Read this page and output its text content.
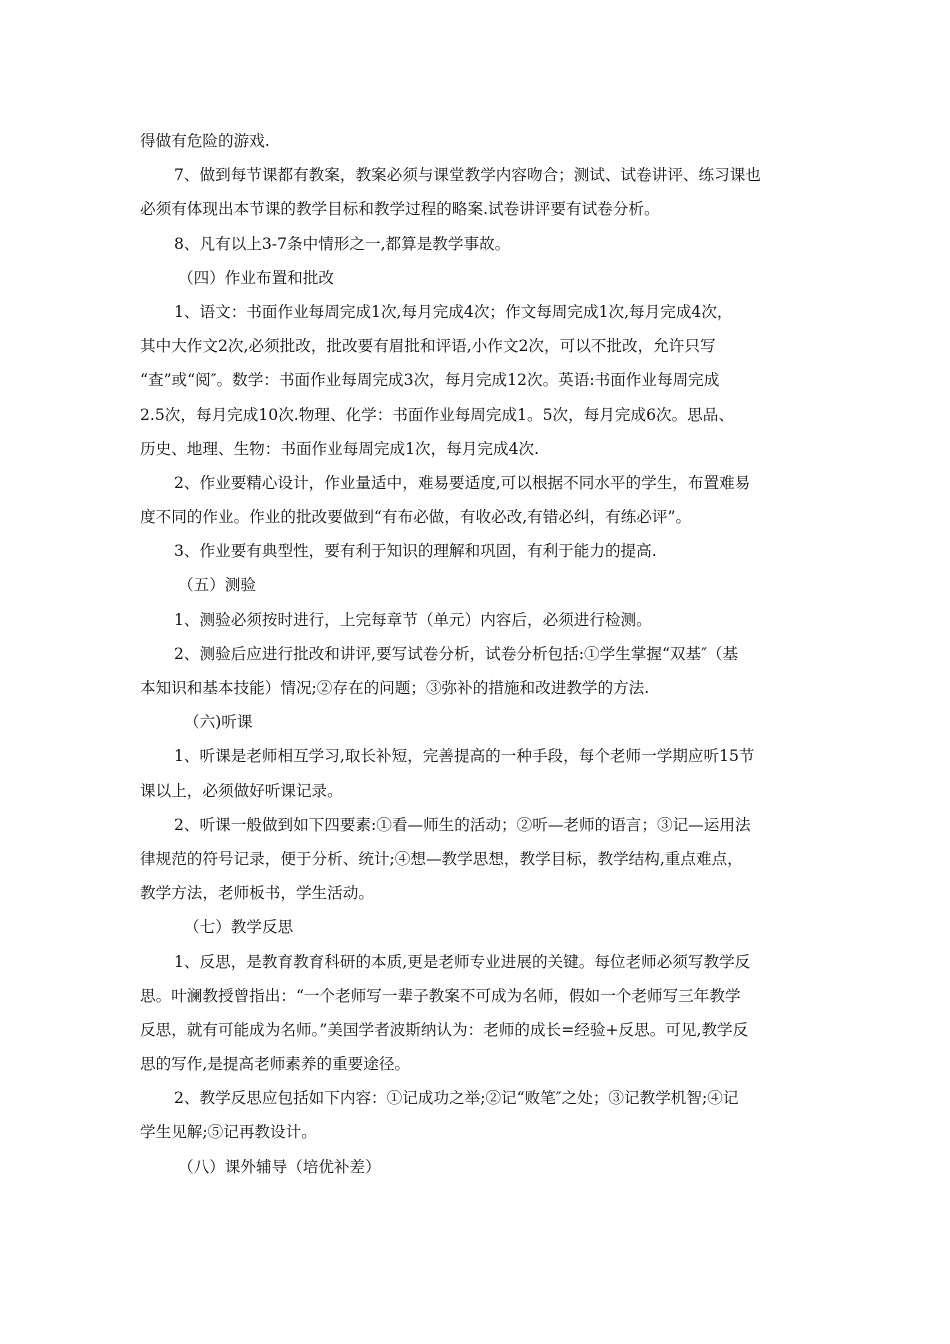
得做有危险的游戏.
7、做到每节课都有教案，教案必须与课堂教学内容吻合；测试、试卷讲评、练习课也
必须有体现出本节课的教学目标和教学过程的略案.试卷讲评要有试卷分析。
8、凡有以上3-7条中情形之一,都算是教学事故。
（四）作业布置和批改
1、语文：书面作业每周完成1次,每月完成4次；作文每周完成1次,每月完成4次，
其中大作文2次,必须批改，批改要有眉批和评语,小作文2次，可以不批改，允许只写
“查”或“阅″。数学：书面作业每周完成3次，每月完成12次。英语:书面作业每周完成
2.5次，每月完成10次.物理、化学：书面作业每周完成1。5次，每月完成6次。思品、
历史、地理、生物：书面作业每周完成1次，每月完成4次.
2、作业要精心设计，作业量适中，难易要适度,可以根据不同水平的学生，布置难易
度不同的作业。作业的批改要做到“有布必做，有收必改,有错必纠，有练必评”。
3、作业要有典型性，要有利于知识的理解和巩固，有利于能力的提高.
（五）测验
1、测验必须按时进行，上完每章节（单元）内容后，必须进行检测。
2、测验后应进行批改和讲评,要写试卷分析，试卷分析包括:①学生掌握“双基″（基
本知识和基本技能）情况;②存在的问题；③弥补的措施和改进教学的方法.
（六)听课
1、听课是老师相互学习,取长补短，完善提高的一种手段，每个老师一学期应听15节
课以上，必须做好听课记录。
2、听课一般做到如下四要素:①看—师生的活动；②听—老师的语言；③记—运用法
律规范的符号记录，便于分析、统计;④想—教学思想，教学目标，教学结构,重点难点，
教学方法，老师板书，学生活动。
（七）教学反思
1、反思，是教育教育科研的本质,更是老师专业进展的关键。每位老师必须写教学反
思。叶澜教授曾指出：“一个老师写一辈子教案不可成为名师，假如一个老师写三年教学
反思，就有可能成为名师。”美国学者波斯纳认为：老师的成长=经验+反思。可见,教学反
思的写作,是提高老师素养的重要途径。
2、教学反思应包括如下内容：①记成功之举;②记“败笔″之处；③记教学机智;④记
学生见解;⑤记再教设计。
（八）课外辅导（培优补差）
